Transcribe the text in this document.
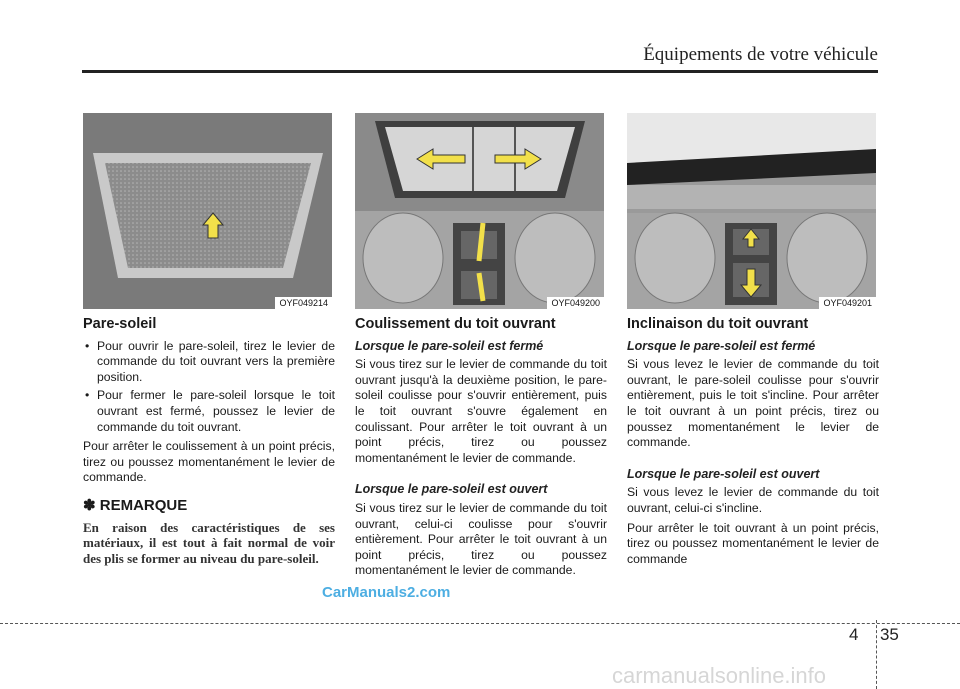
Équipements de votre véhicule
OYF049214	OYF049200	OYF049201
Pare-soleil
• Pour ouvrir le pare-soleil, tirez le levier de commande du toit ouvrant vers la première position.
• Pour fermer le pare-soleil lorsque le toit ouvrant est fermé, poussez le levier de commande du toit ouvrant.

Pour arrêter le coulissement à un point précis, tirez ou poussez momentanément le levier de commande.

✽ REMARQUE
En raison des caractéristiques de ses matériaux, il est tout à fait normal de voir des plis se former au niveau du pare-soleil.
Coulissement du toit ouvrant
Lorsque le pare-soleil est fermé

Si vous tirez sur le levier de commande du toit ouvrant jusqu'à la deuxième position, le pare-soleil coulisse pour s'ouvrir entièrement, puis le toit ouvrant s'ouvre également en coulissant. Pour arrêter le toit ouvrant à un point précis, tirez ou poussez momentanément le levier de commande.

Lorsque le pare-soleil est ouvert

Si vous tirez sur le levier de commande du toit ouvrant, celui-ci coulisse pour s'ouvrir entièrement. Pour arrêter le toit ouvrant à un point précis, tirez ou poussez momentanément le levier de commande.

Inclinaison du toit ouvrant
Lorsque le pare-soleil est fermé

Si vous levez le levier de commande du toit ouvrant, le pare-soleil coulisse pour s'ouvrir entièrement, puis le toit s'incline. Pour arrêter le toit ouvrant à un point précis, tirez ou poussez momentanément le levier de commande.

Lorsque le pare-soleil est ouvert

Si vous levez le levier de commande du toit ouvrant, celui-ci s'incline.

Pour arrêter le toit ouvrant à un point précis, tirez ou poussez momentanément le levier de commande

CarManuals2.com
4 35
carmanualsonline.info
